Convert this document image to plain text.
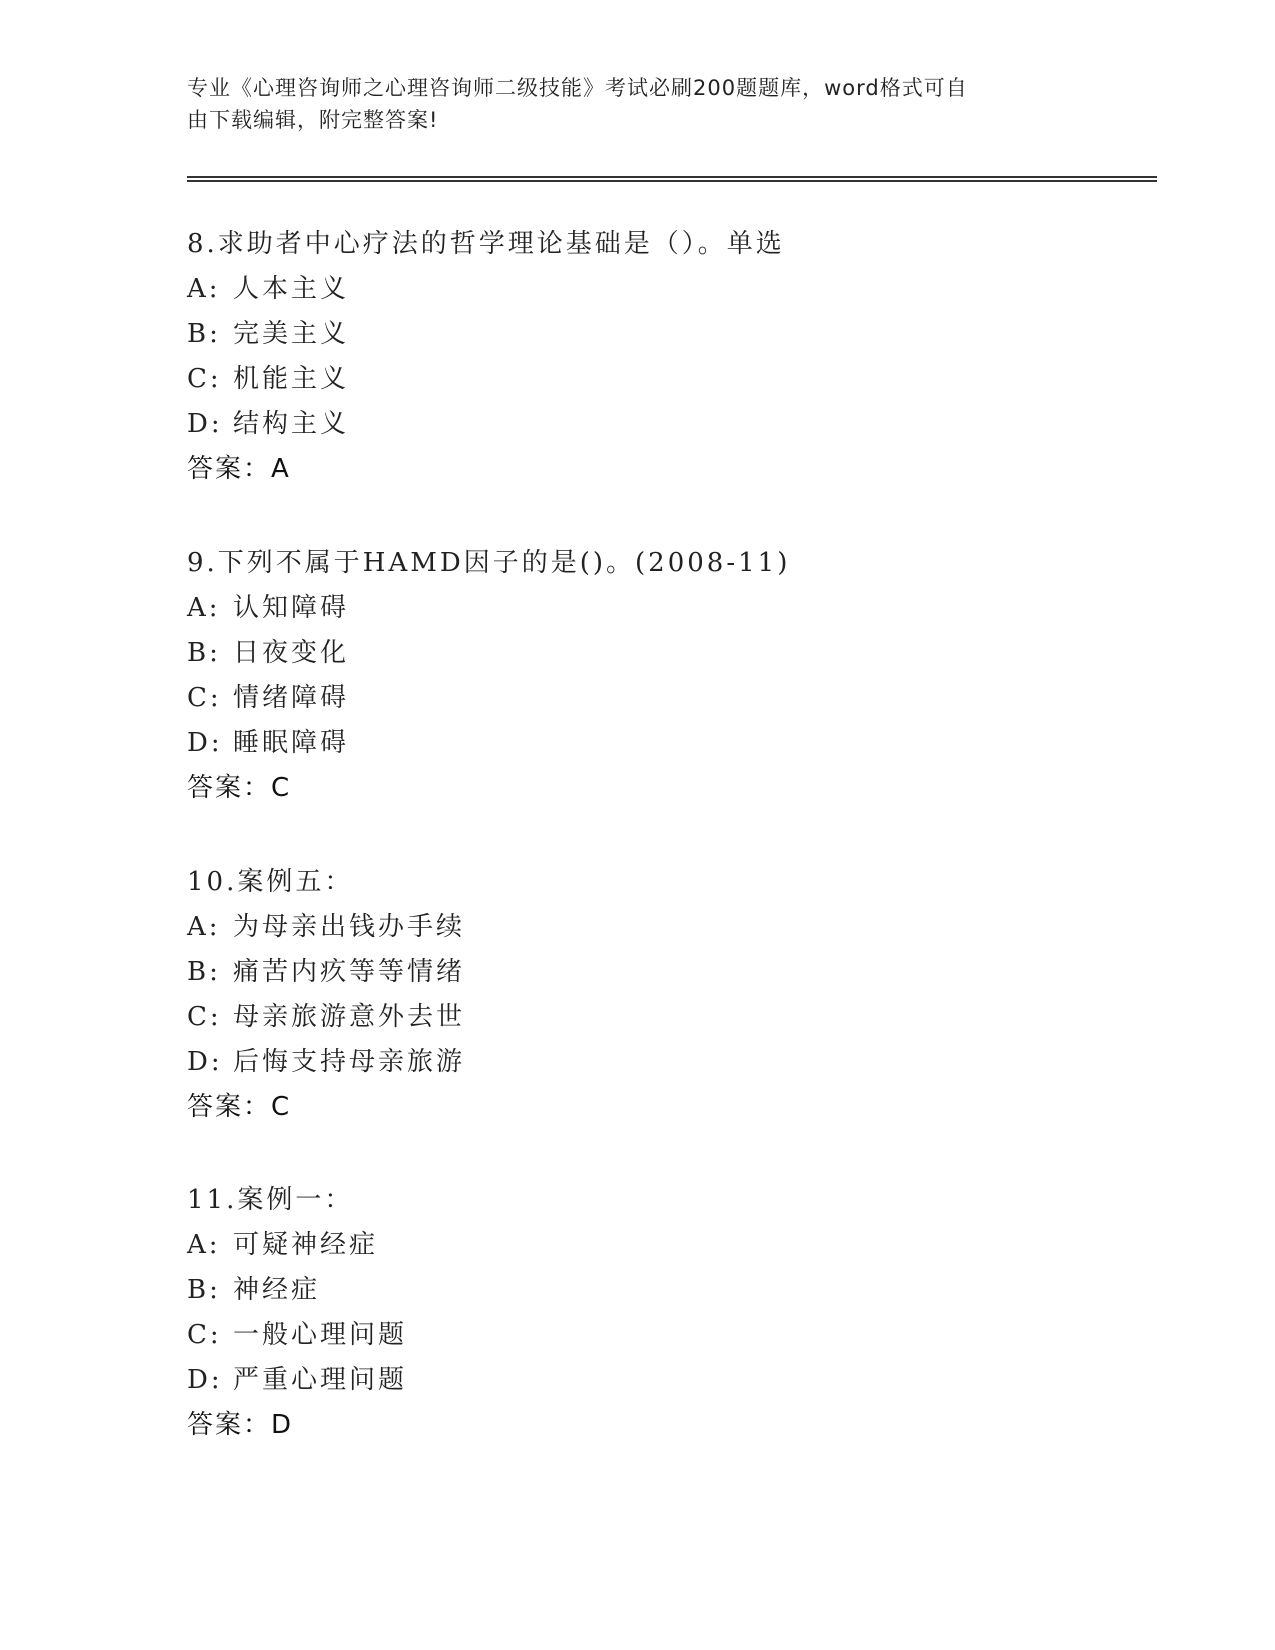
专业《心理咨询师之心理咨询师二级技能》考试必刷200题题库，word格式可自
由下载编辑，附完整答案!
8.求助者中心疗法的哲学理论基础是（）。单选
A: 人本主义
B: 完美主义
C: 机能主义
D: 结构主义
答案：A
9.下列不属于HAMD因子的是()。(2008-11)
A: 认知障碍
B: 日夜变化
C: 情绪障碍
D: 睡眠障碍
答案：C
10.案例五：
A: 为母亲出钱办手续
B: 痛苦内疚等等情绪
C: 母亲旅游意外去世
D: 后悔支持母亲旅游
答案：C
11.案例一：
A: 可疑神经症
B: 神经症
C: 一般心理问题
D: 严重心理问题
答案：D
